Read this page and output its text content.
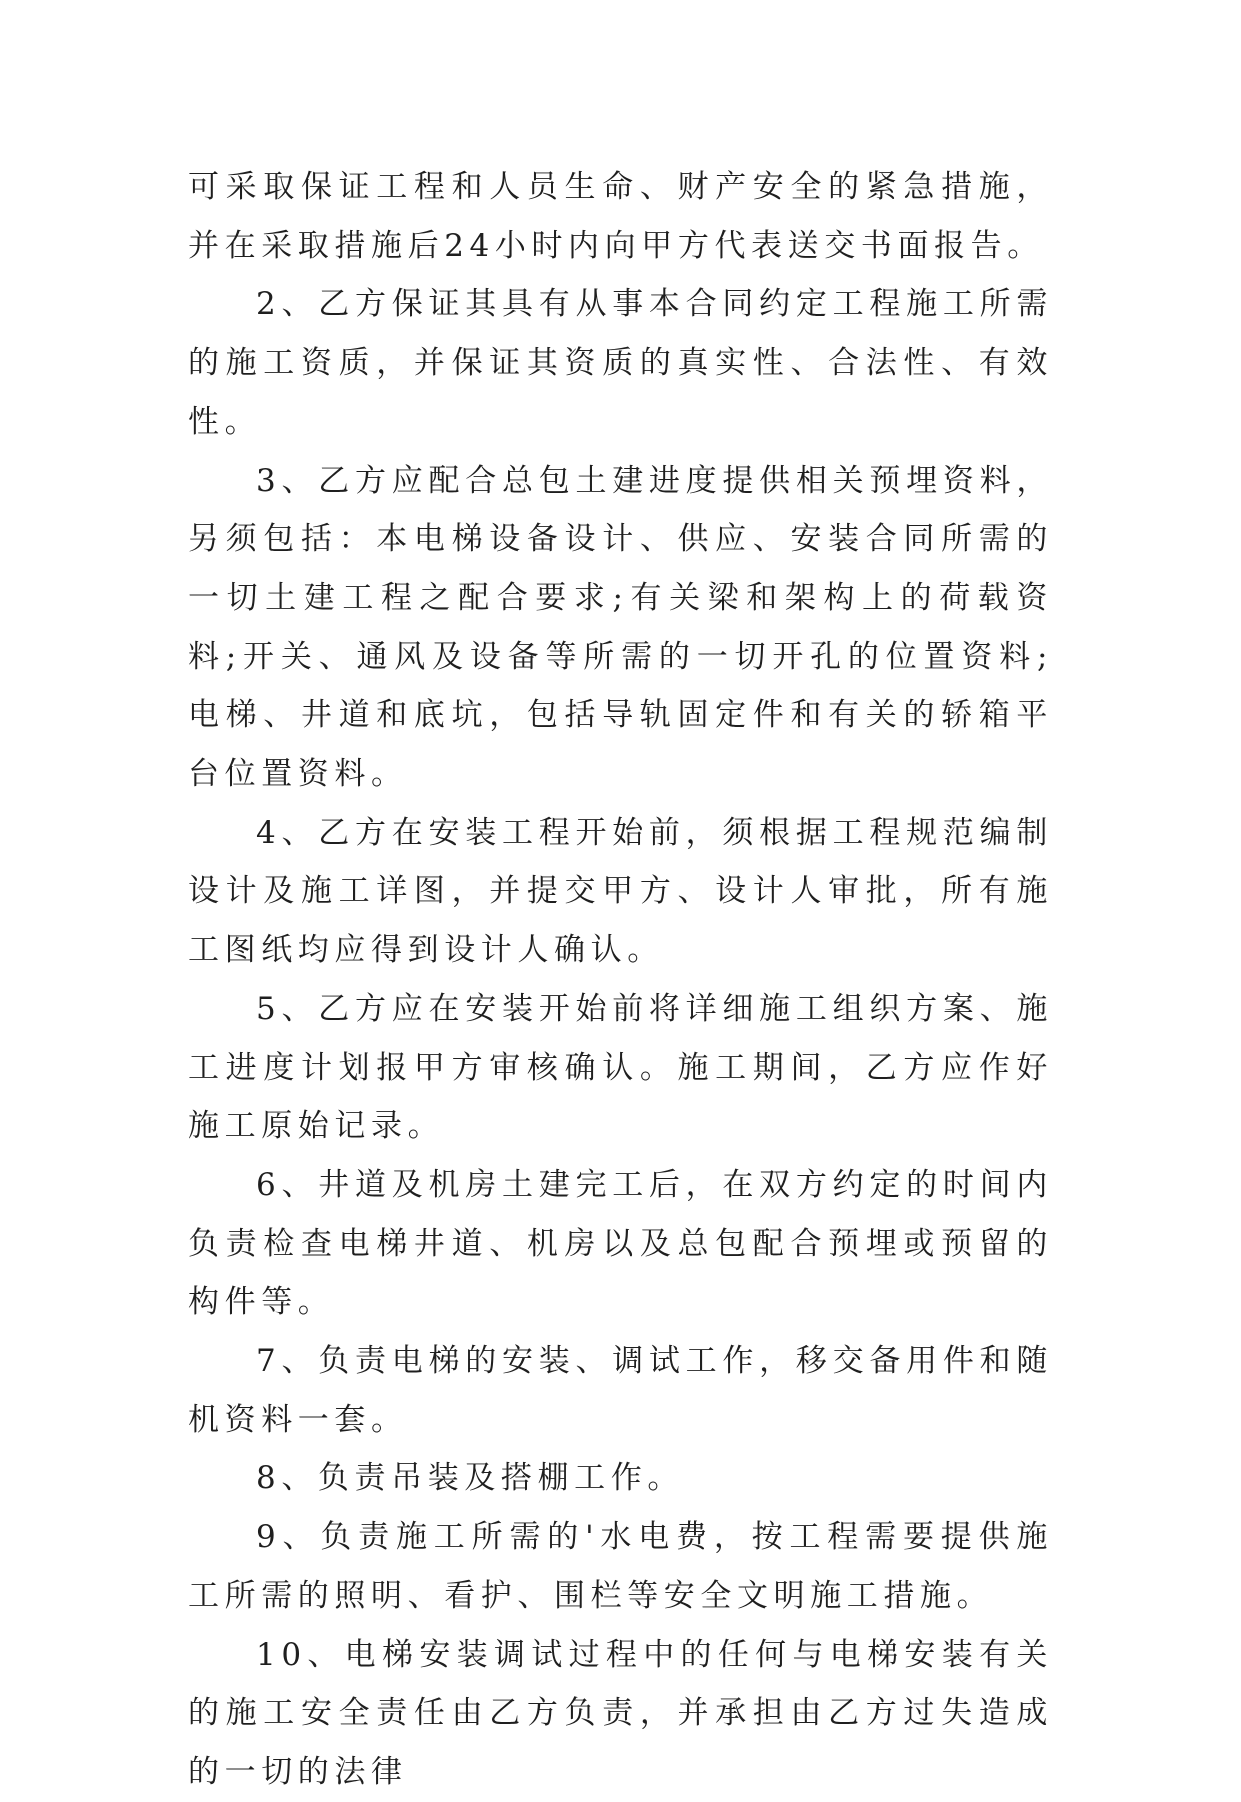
可采取保证工程和人员生命、财产安全的紧急措施，并在采取措施后24小时内向甲方代表送交书面报告。

2、乙方保证其具有从事本合同约定工程施工所需的施工资质，并保证其资质的真实性、合法性、有效性。

3、乙方应配合总包土建进度提供相关预埋资料，另须包括：本电梯设备设计、供应、安装合同所需的一切土建工程之配合要求;有关梁和架构上的荷载资料;开关、通风及设备等所需的一切开孔的位置资料;电梯、井道和底坑，包括导轨固定件和有关的轿箱平台位置资料。

4、乙方在安装工程开始前，须根据工程规范编制设计及施工详图，并提交甲方、设计人审批，所有施工图纸均应得到设计人确认。

5、乙方应在安装开始前将详细施工组织方案、施工进度计划报甲方审核确认。施工期间，乙方应作好施工原始记录。

6、井道及机房土建完工后，在双方约定的时间内负责检查电梯井道、机房以及总包配合预埋或预留的构件等。

7、负责电梯的安装、调试工作，移交备用件和随机资料一套。

8、负责吊装及搭棚工作。

9、负责施工所需的'水电费，按工程需要提供施工所需的照明、看护、围栏等安全文明施工措施。

10、电梯安装调试过程中的任何与电梯安装有关的施工安全责任由乙方负责，并承担由乙方过失造成的一切的法律
